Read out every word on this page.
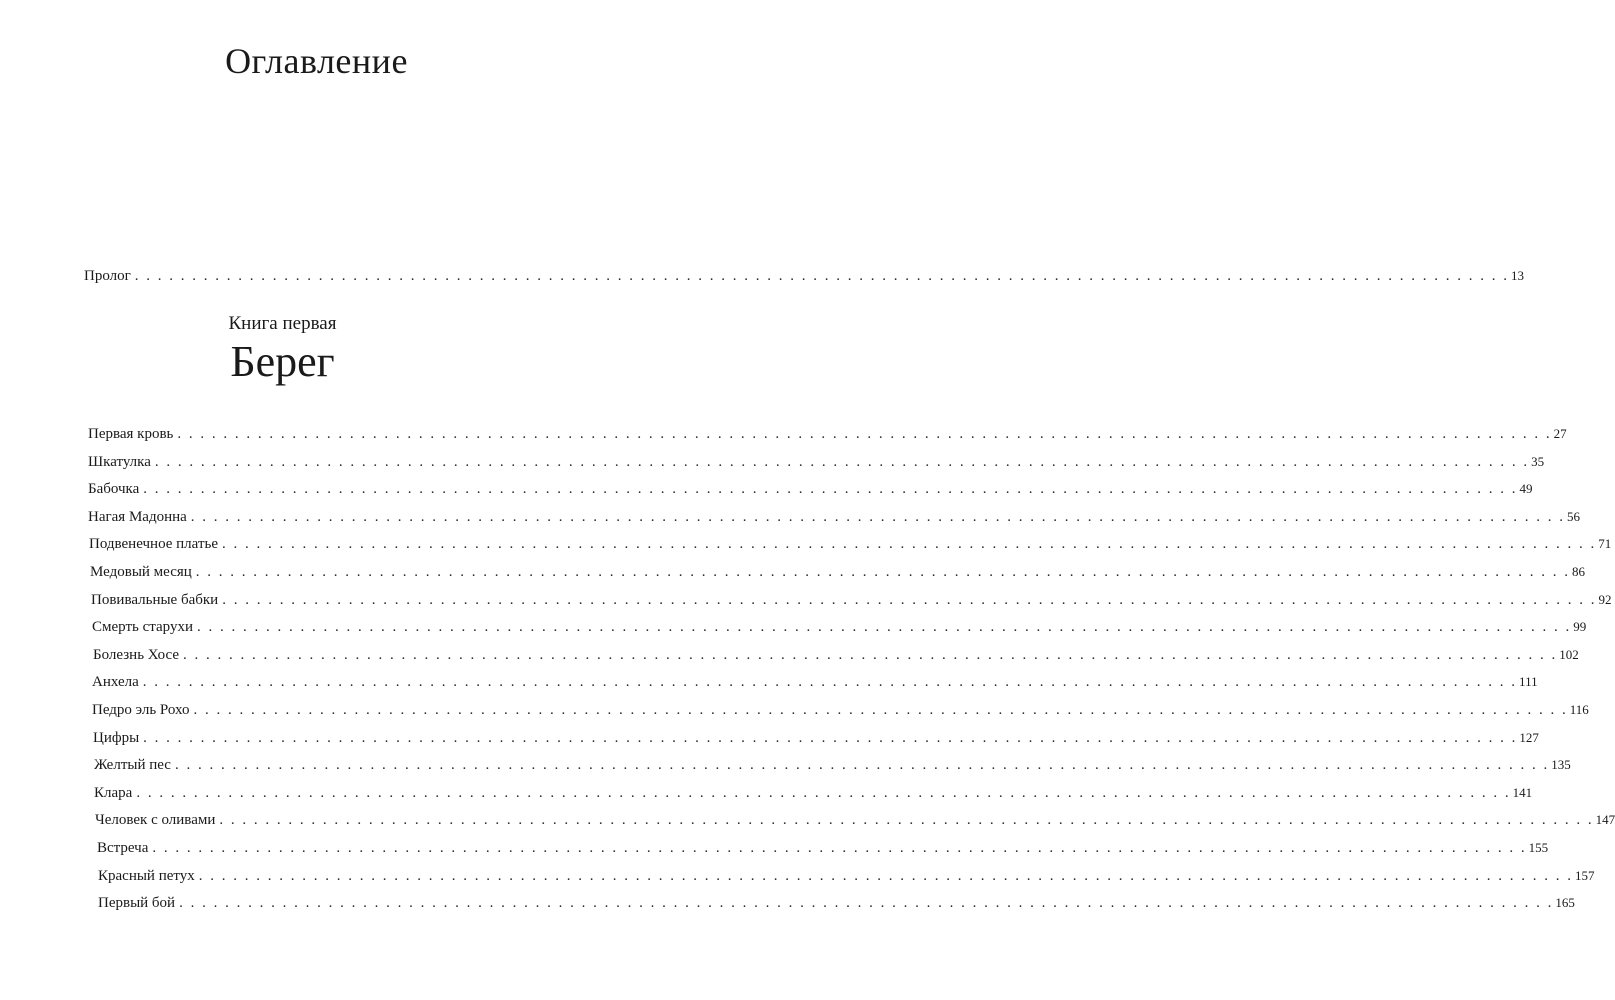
Оглавление
Пролог . . . . . . . . . . . . . . . . . . . . . . . . . . . . . . . . . . . . . . . . . . . . . . . . . . . . . . . . . . . . . . . . . . . . . . . . . . . . . . . . . . . . . . . . . . . . . . . . . . . . . . . . . . . . . . . . . . . . . . . . 13
Книга первая
Берег
Первая кровь . . . . . . . . . . . . . . . . . . . . . . . . . . . . . . . . . . . . . . . . . . . . . . . . . . . . . . . . . . . . . . . . . . . . . . . . . . . . . . . . . . . . . . . . . . . . . . . . . . . . . . . . . . . . . . . . . . . . . . . . 27
Шкатулка . . . . . . . . . . . . . . . . . . . . . . . . . . . . . . . . . . . . . . . . . . . . . . . . . . . . . . . . . . . . . . . . . . . . . . . . . . . . . . . . . . . . . . . . . . . . . . . . . . . . . . . . . . . . . . . . . . . . . . . . 35
Бабочка . . . . . . . . . . . . . . . . . . . . . . . . . . . . . . . . . . . . . . . . . . . . . . . . . . . . . . . . . . . . . . . . . . . . . . . . . . . . . . . . . . . . . . . . . . . . . . . . . . . . . . . . . . . . . . . . . . . . . . . . 49
Нагая Мадонна . . . . . . . . . . . . . . . . . . . . . . . . . . . . . . . . . . . . . . . . . . . . . . . . . . . . . . . . . . . . . . . . . . . . . . . . . . . . . . . . . . . . . . . . . . . . . . . . . . . . . . . . . . . . . . . . . . . . . . . . 56
Подвенечное платье . . . . . . . . . . . . . . . . . . . . . . . . . . . . . . . . . . . . . . . . . . . . . . . . . . . . . . . . . . . . . . . . . . . . . . . . . . . . . . . . . . . . . . . . . . . . . . . . . . . . . . . . . . . . . . . . . . . . . . . . 71
Медовый месяц . . . . . . . . . . . . . . . . . . . . . . . . . . . . . . . . . . . . . . . . . . . . . . . . . . . . . . . . . . . . . . . . . . . . . . . . . . . . . . . . . . . . . . . . . . . . . . . . . . . . . . . . . . . . . . . . . . . . . . . . 86
Повивальные бабки . . . . . . . . . . . . . . . . . . . . . . . . . . . . . . . . . . . . . . . . . . . . . . . . . . . . . . . . . . . . . . . . . . . . . . . . . . . . . . . . . . . . . . . . . . . . . . . . . . . . . . . . . . . . . . . . . . . . . . . . 92
Смерть старухи . . . . . . . . . . . . . . . . . . . . . . . . . . . . . . . . . . . . . . . . . . . . . . . . . . . . . . . . . . . . . . . . . . . . . . . . . . . . . . . . . . . . . . . . . . . . . . . . . . . . . . . . . . . . . . . . . . . . . . . . 99
Болезнь Хосе . . . . . . . . . . . . . . . . . . . . . . . . . . . . . . . . . . . . . . . . . . . . . . . . . . . . . . . . . . . . . . . . . . . . . . . . . . . . . . . . . . . . . . . . . . . . . . . . . . . . . . . . . . . . . . . . . . . . . . . . 102
Анхела . . . . . . . . . . . . . . . . . . . . . . . . . . . . . . . . . . . . . . . . . . . . . . . . . . . . . . . . . . . . . . . . . . . . . . . . . . . . . . . . . . . . . . . . . . . . . . . . . . . . . . . . . . . . . . . . . . . . . . . . 111
Педро эль Рохо . . . . . . . . . . . . . . . . . . . . . . . . . . . . . . . . . . . . . . . . . . . . . . . . . . . . . . . . . . . . . . . . . . . . . . . . . . . . . . . . . . . . . . . . . . . . . . . . . . . . . . . . . . . . . . . . . . . . . . . . 116
Цифры . . . . . . . . . . . . . . . . . . . . . . . . . . . . . . . . . . . . . . . . . . . . . . . . . . . . . . . . . . . . . . . . . . . . . . . . . . . . . . . . . . . . . . . . . . . . . . . . . . . . . . . . . . . . . . . . . . . . . . . . 127
Желтый пес . . . . . . . . . . . . . . . . . . . . . . . . . . . . . . . . . . . . . . . . . . . . . . . . . . . . . . . . . . . . . . . . . . . . . . . . . . . . . . . . . . . . . . . . . . . . . . . . . . . . . . . . . . . . . . . . . . . . . . . . 135
Клара . . . . . . . . . . . . . . . . . . . . . . . . . . . . . . . . . . . . . . . . . . . . . . . . . . . . . . . . . . . . . . . . . . . . . . . . . . . . . . . . . . . . . . . . . . . . . . . . . . . . . . . . . . . . . . . . . . . . . . . . 141
Человек с оливами . . . . . . . . . . . . . . . . . . . . . . . . . . . . . . . . . . . . . . . . . . . . . . . . . . . . . . . . . . . . . . . . . . . . . . . . . . . . . . . . . . . . . . . . . . . . . . . . . . . . . . . . . . . . . . . . . . . . . . . . 147
Встреча . . . . . . . . . . . . . . . . . . . . . . . . . . . . . . . . . . . . . . . . . . . . . . . . . . . . . . . . . . . . . . . . . . . . . . . . . . . . . . . . . . . . . . . . . . . . . . . . . . . . . . . . . . . . . . . . . . . . . . . . 155
Красный петух . . . . . . . . . . . . . . . . . . . . . . . . . . . . . . . . . . . . . . . . . . . . . . . . . . . . . . . . . . . . . . . . . . . . . . . . . . . . . . . . . . . . . . . . . . . . . . . . . . . . . . . . . . . . . . . . . . . . . . . . 157
Первый бой . . . . . . . . . . . . . . . . . . . . . . . . . . . . . . . . . . . . . . . . . . . . . . . . . . . . . . . . . . . . . . . . . . . . . . . . . . . . . . . . . . . . . . . . . . . . . . . . . . . . . . . . . . . . . . . . . . . . . . . . 165
